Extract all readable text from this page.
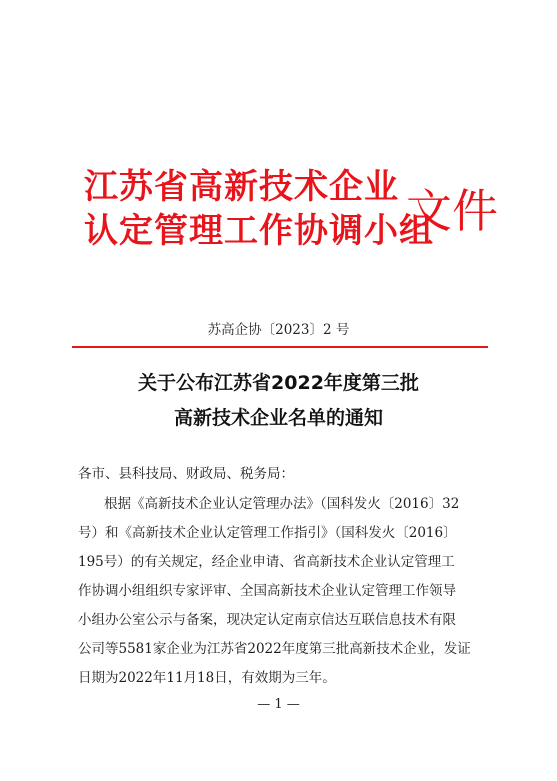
江苏省高新技术企业
认定管理工作协调小组
文件
苏高企协〔2023〕2 号
关于公布江苏省2022年度第三批
高新技术企业名单的通知
各市、县科技局、财政局、税务局：
根据《高新技术企业认定管理办法》（国科发火〔2016〕32
号）和《高新技术企业认定管理工作指引》（国科发火〔2016〕
195号）的有关规定，经企业申请、省高新技术企业认定管理工
作协调小组组织专家评审、全国高新技术企业认定管理工作领导
小组办公室公示与备案，现决定认定南京信达互联信息技术有限
公司等5581家企业为江苏省2022年度第三批高新技术企业，发证
日期为2022年11月18日，有效期为三年。
— 1 —
